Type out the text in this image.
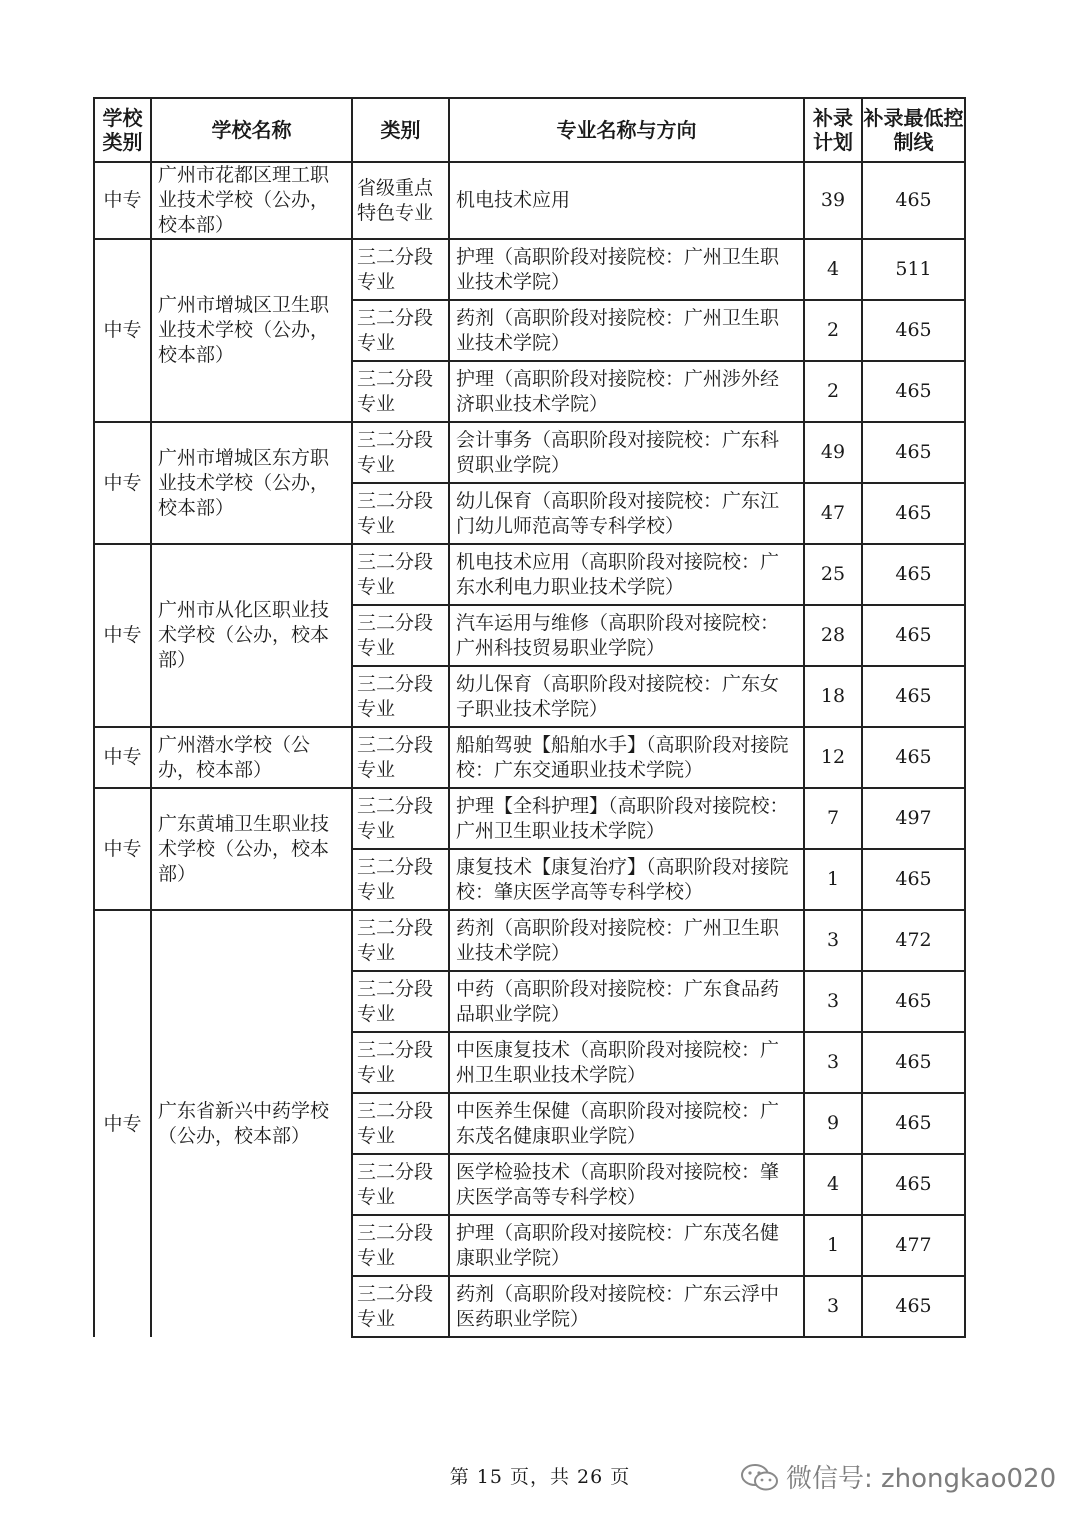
学校类别	学校名称	类别	专业名称与方向	补录计划	补录最低控制线
中专	广州市花都区理工职业技术学校（公办，校本部）	省级重点特色专业	机电技术应用	39	465
中专	广州市增城区卫生职业技术学校（公办，校本部）	三二分段专业	护理（高职阶段对接院校：广州卫生职业技术学院）	4	511
		三二分段专业	药剂（高职阶段对接院校：广州卫生职业技术学院）	2	465
		三二分段专业	护理（高职阶段对接院校：广州涉外经济职业技术学院）	2	465
中专	广州市增城区东方职业技术学校（公办，校本部）	三二分段专业	会计事务（高职阶段对接院校：广东科贸职业学院）	49	465
		三二分段专业	幼儿保育（高职阶段对接院校：广东江门幼儿师范高等专科学校）	47	465
中专	广州市从化区职业技术学校（公办，校本部）	三二分段专业	机电技术应用（高职阶段对接院校：广东水利电力职业技术学院）	25	465
		三二分段专业	汽车运用与维修（高职阶段对接院校：广州科技贸易职业学院）	28	465
		三二分段专业	幼儿保育（高职阶段对接院校：广东女子职业技术学院）	18	465
中专	广州潜水学校（公办，校本部）	三二分段专业	船舶驾驶【船舶水手】（高职阶段对接院校：广东交通职业技术学院）	12	465
中专	广东黄埔卫生职业技术学校（公办，校本部）	三二分段专业	护理【全科护理】（高职阶段对接院校：广州卫生职业技术学院）	7	497
		三二分段专业	康复技术【康复治疗】（高职阶段对接院校：肇庆医学高等专科学校）	1	465
中专	广东省新兴中药学校（公办，校本部）	三二分段专业	药剂（高职阶段对接院校：广州卫生职业技术学院）	3	472
		三二分段专业	中药（高职阶段对接院校：广东食品药品职业学院）	3	465
		三二分段专业	中医康复技术（高职阶段对接院校：广州卫生职业技术学院）	3	465
		三二分段专业	中医养生保健（高职阶段对接院校：广东茂名健康职业学院）	9	465
		三二分段专业	医学检验技术（高职阶段对接院校：肇庆医学高等专科学校）	4	465
		三二分段专业	护理（高职阶段对接院校：广东茂名健康职业学院）	1	477
		三二分段专业	药剂（高职阶段对接院校：广东云浮中医药职业学院）	3	465
第 15 页，共 26 页	微信号: zhongkao020
